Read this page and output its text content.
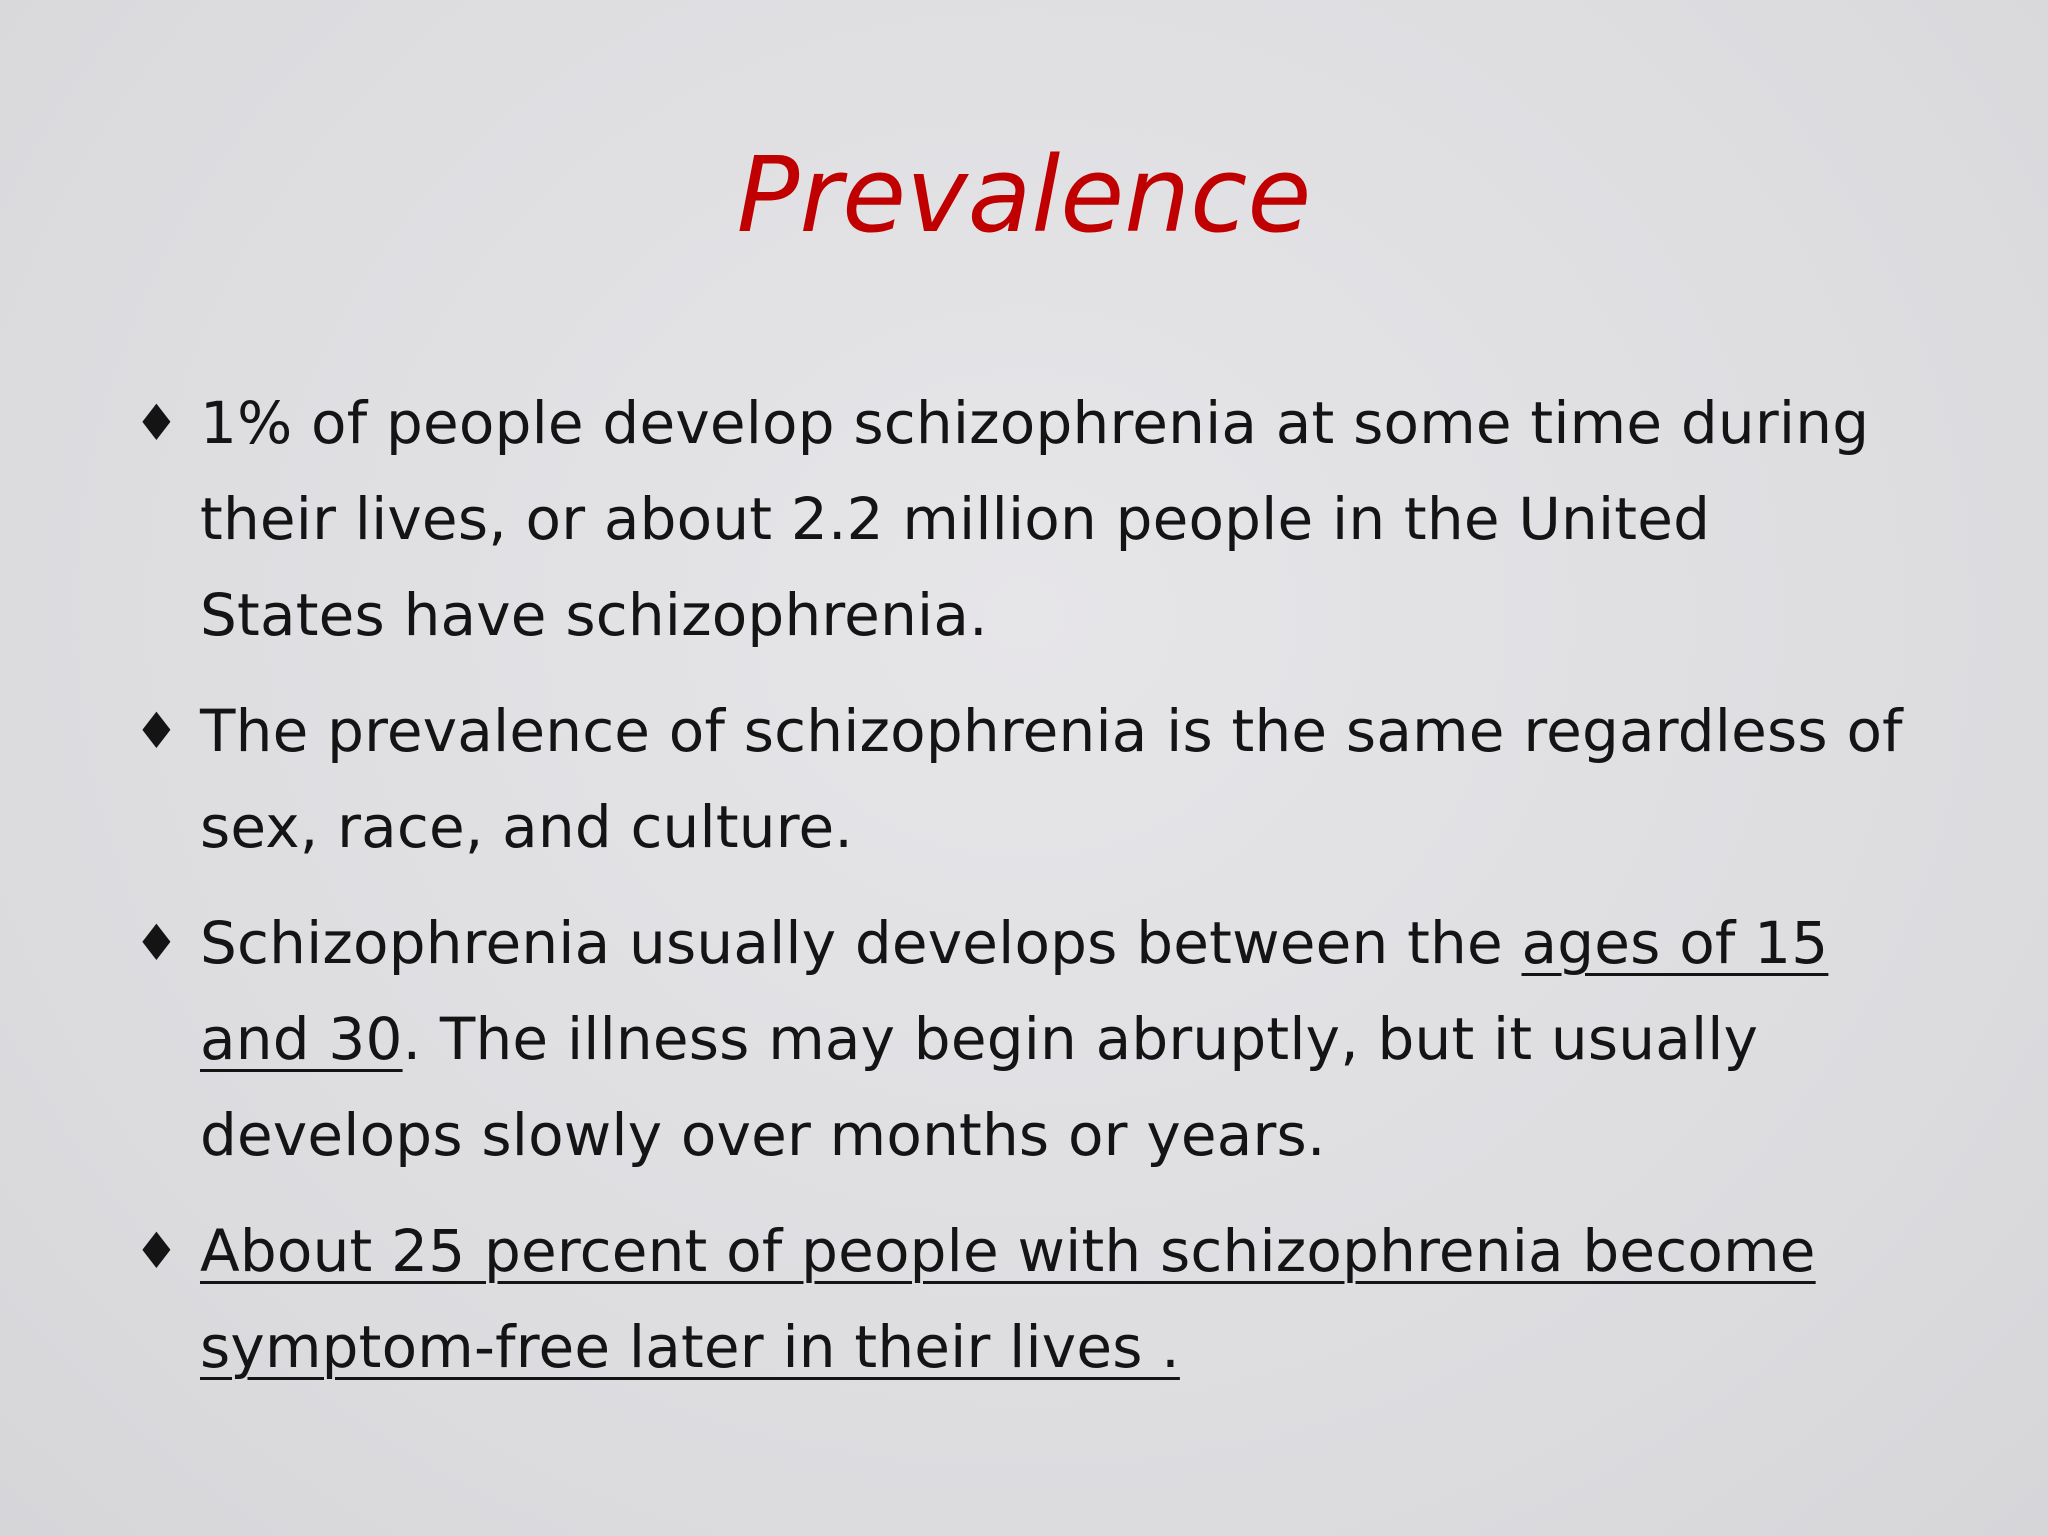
Prevalence
♦ 1% of people develop schizophrenia at some time during their lives, or about 2.2 million people in the United States have schizophrenia.
♦ The prevalence of schizophrenia is the same regardless of sex, race, and culture.
♦ Schizophrenia usually develops between the ages of 15 and 30. The illness may begin abruptly, but it usually develops slowly over months or years.
♦ About 25 percent of people with schizophrenia become symptom-free later in their lives .
